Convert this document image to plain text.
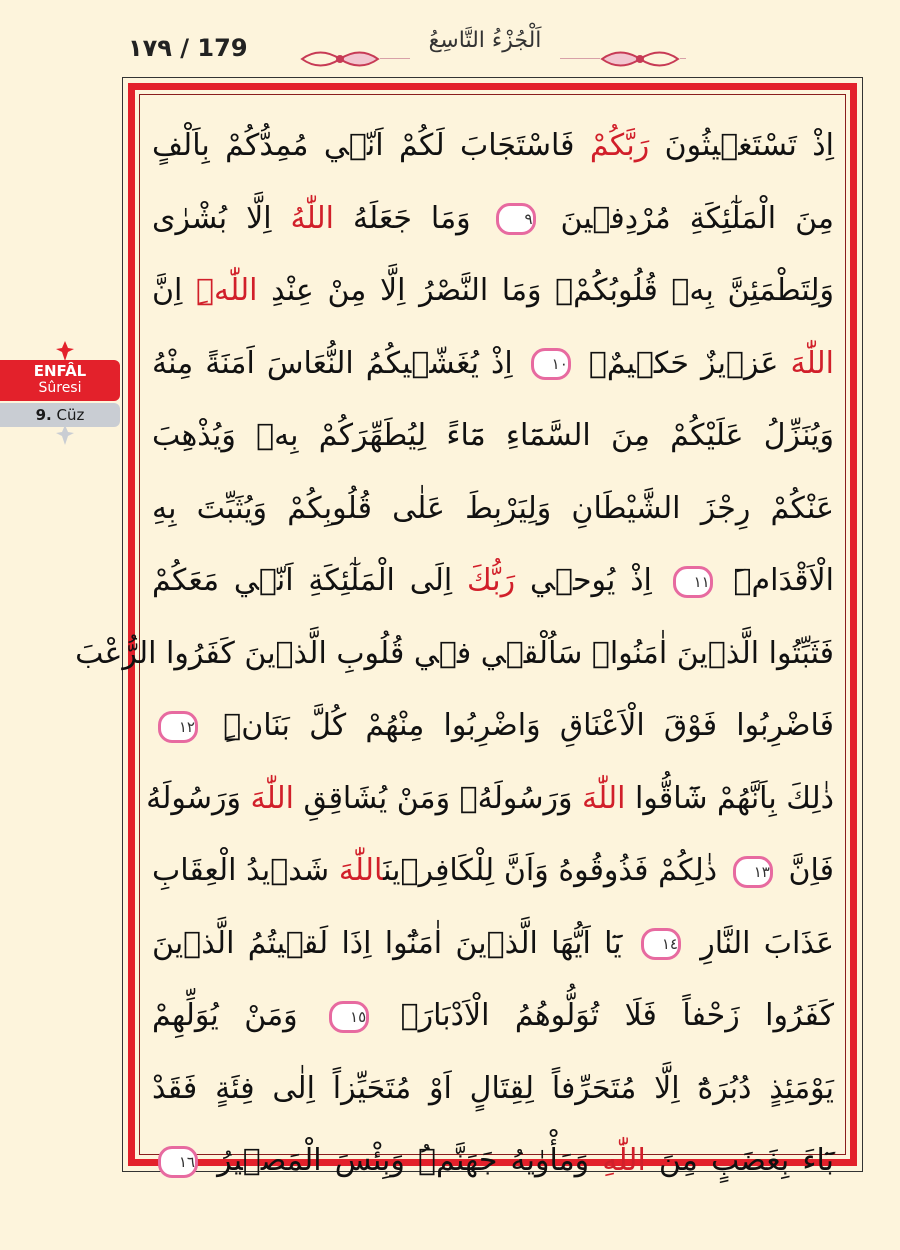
١٧٩ / 179	اَلْجُزْءُ التَّاسِعُ
ENFÂL
Sûresi
9. Cüz
اِذْ تَسْتَغ۪يثُونَ رَبَّكُمْ فَاسْتَجَابَ لَكُمْ اَنّ۪ي مُمِدُّكُمْ بِاَلْفٍ
مِنَ الْمَلٰٓئِكَةِ مُرْدِف۪ينَ ٩ وَمَا جَعَلَهُ اللّٰهُ اِلَّا بُشْرٰى
وَلِتَطْمَئِنَّ بِه۪ قُلُوبُكُمْۚ وَمَا النَّصْرُ اِلَّا مِنْ عِنْدِ اللّٰهِۜ اِنَّ
اللّٰهَ عَز۪يزٌ حَك۪يمٌ۟ ١٠ اِذْ يُغَشّ۪يكُمُ النُّعَاسَ اَمَنَةً مِنْهُ
وَيُنَزِّلُ عَلَيْكُمْ مِنَ السَّمَٓاءِ مَٓاءً لِيُطَهِّرَكُمْ بِه۪ وَيُذْهِبَ
عَنْكُمْ رِجْزَ الشَّيْطَانِ وَلِيَرْبِطَ عَلٰى قُلُوبِكُمْ وَيُثَبِّتَ بِهِ
الْاَقْدَامَۜ ١١ اِذْ يُوح۪ي رَبُّكَ اِلَى الْمَلٰٓئِكَةِ اَنّ۪ي مَعَكُمْ
فَثَبِّتُوا الَّذ۪ينَ اٰمَنُواۜ سَاُلْق۪ي ف۪ي قُلُوبِ الَّذ۪ينَ كَفَرُوا الرُّعْبَ
فَاضْرِبُوا فَوْقَ الْاَعْنَاقِ وَاضْرِبُوا مِنْهُمْ كُلَّ بَنَانٍۜ ١٢
ذٰلِكَ بِاَنَّهُمْ شَٓاقُّوا اللّٰهَ وَرَسُولَهُۚ وَمَنْ يُشَاقِقِ اللّٰهَ وَرَسُولَهُ
فَاِنَّ ١٣ ذٰلِكُمْ فَذُوقُوهُ وَاَنَّ لِلْكَافِر۪ينَاللّٰهَ شَد۪يدُ الْعِقَابِ
عَذَابَ النَّارِ ١٤ يَٓا اَيُّهَا الَّذ۪ينَ اٰمَنُٓوا اِذَا لَق۪يتُمُ الَّذ۪ينَ
كَفَرُوا زَحْفاً فَلَا تُوَلُّوهُمُ الْاَدْبَارَۚ ١٥ وَمَنْ يُوَلِّهِمْ
يَوْمَئِذٍ دُبُرَهُٓ اِلَّا مُتَحَرِّفاً لِقِتَالٍ اَوْ مُتَحَيِّزاً اِلٰى فِئَةٍ فَقَدْ
بَٓاءَ بِغَضَبٍ مِنَ اللّٰهِ وَمَأْوٰيهُ جَهَنَّمُۜ وَبِئْسَ الْمَص۪يرُ ١٦
